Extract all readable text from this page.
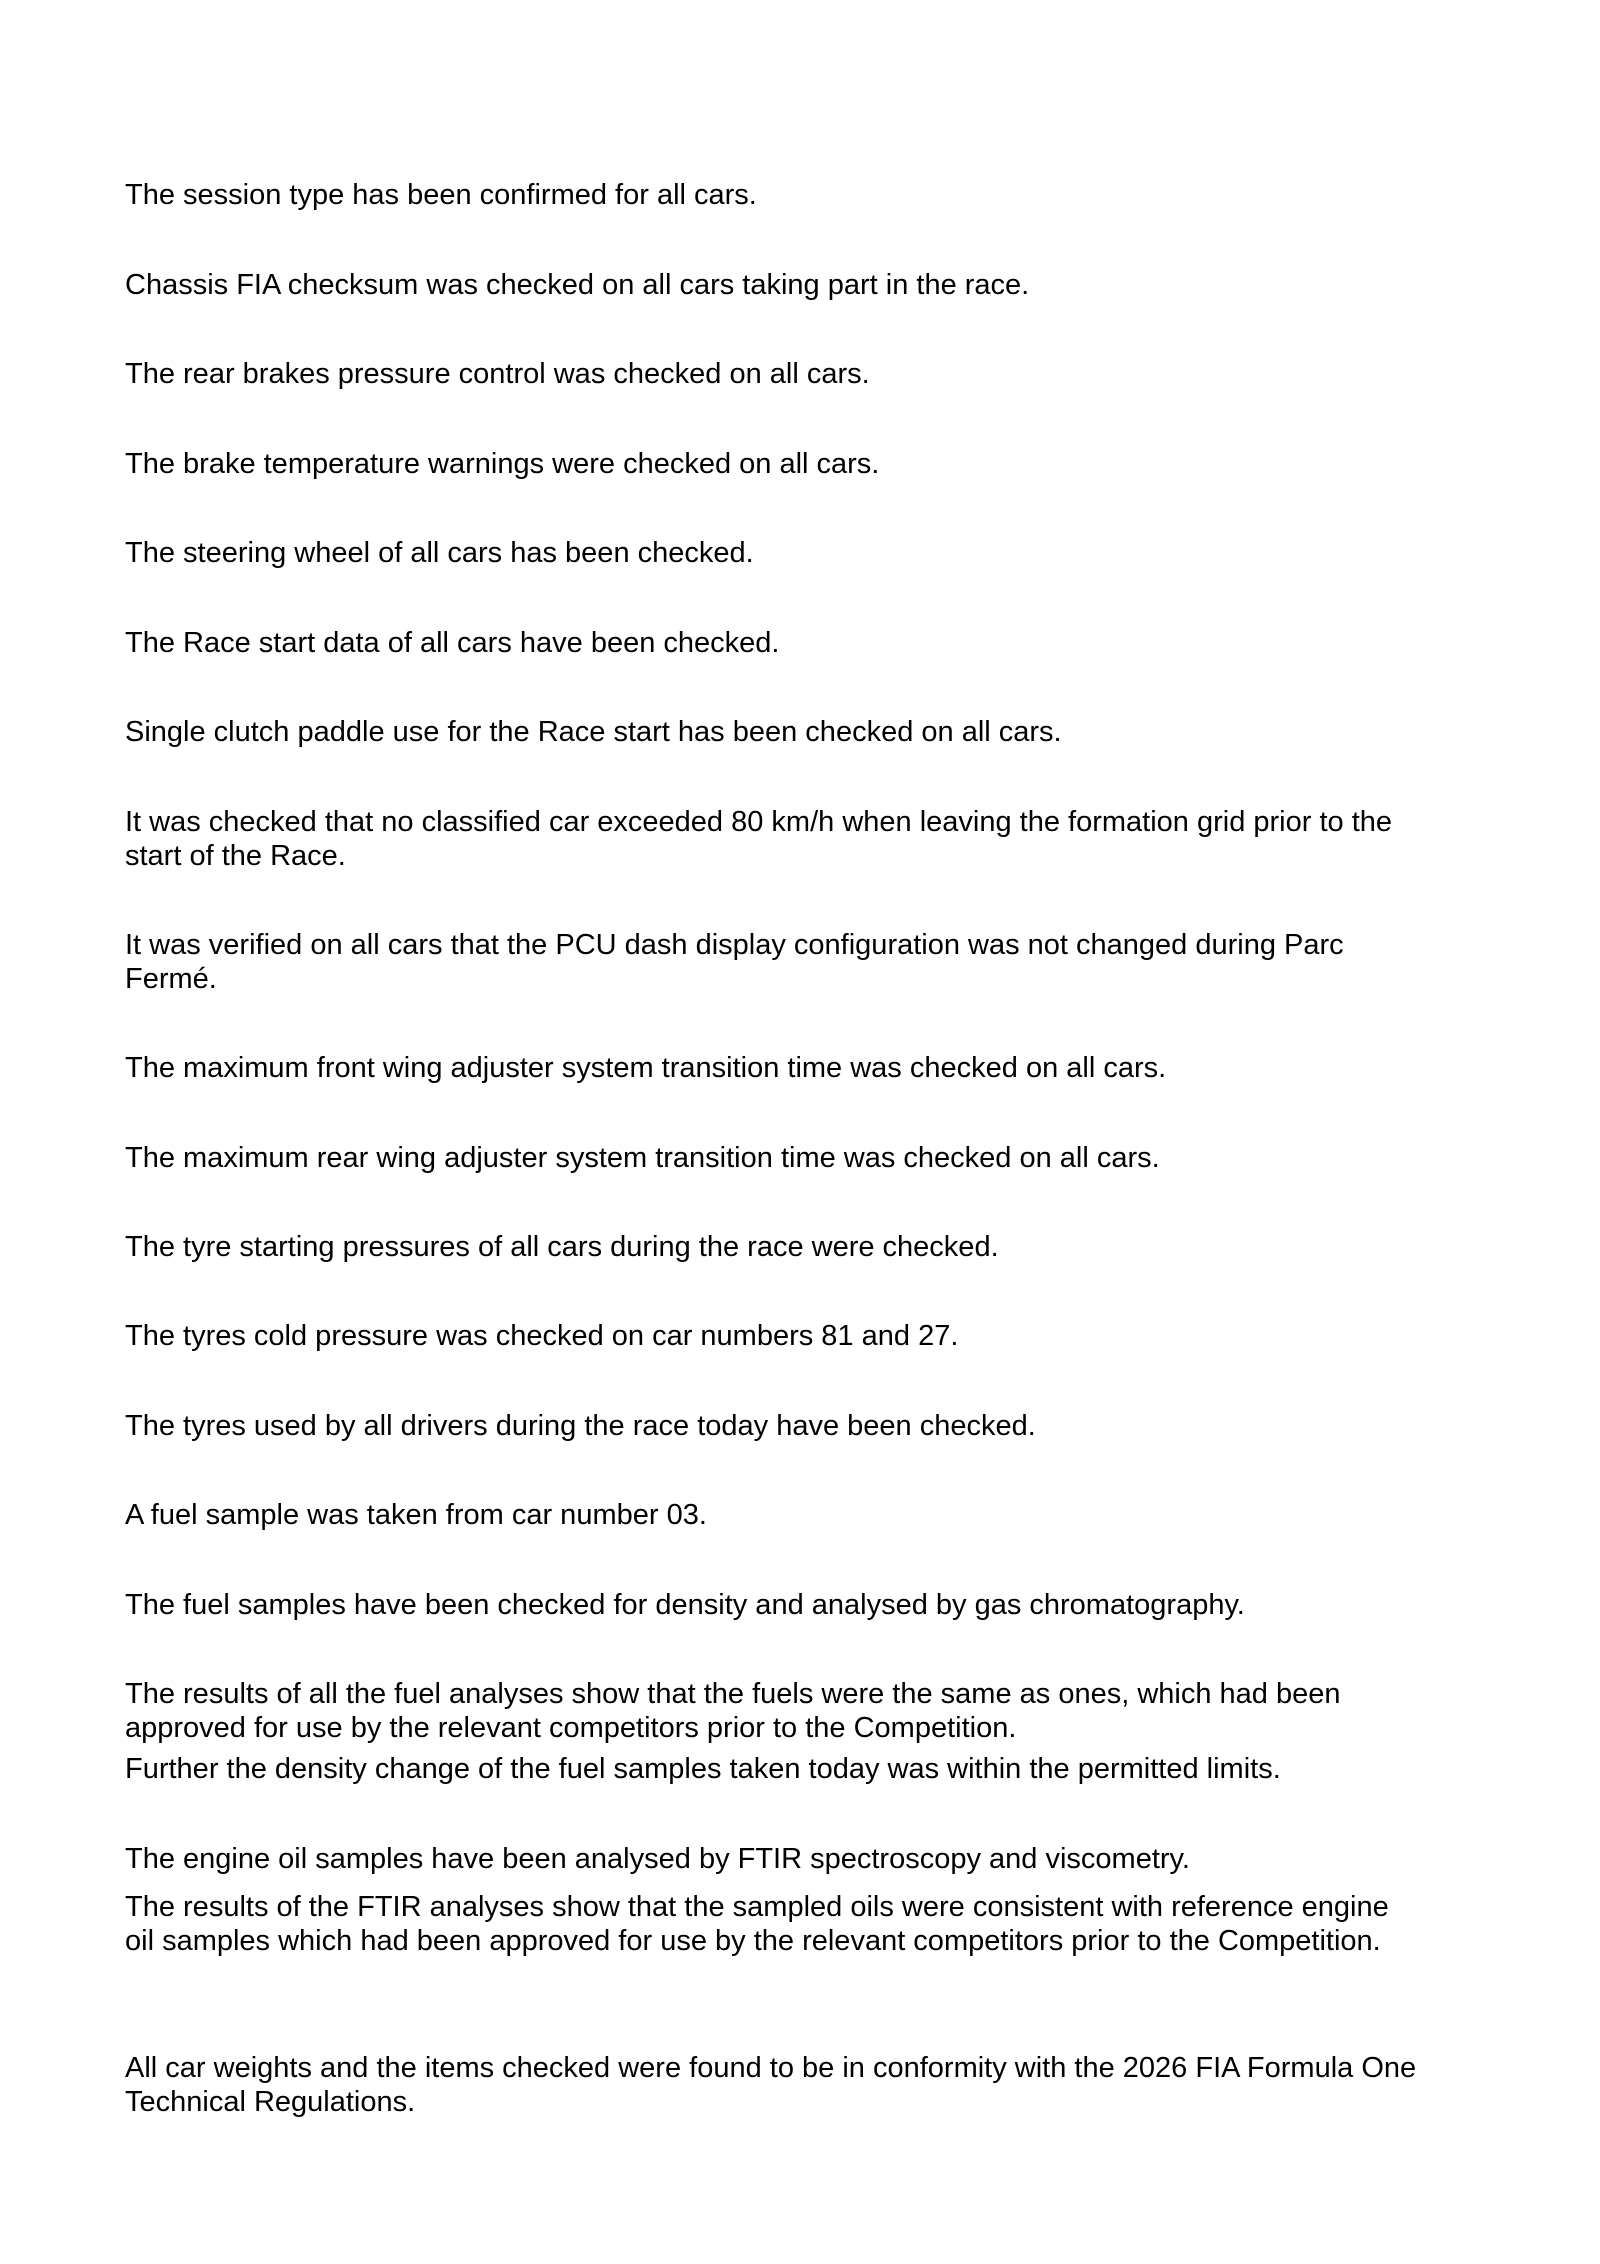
The session type has been confirmed for all cars.

Chassis FIA checksum was checked on all cars taking part in the race.

The rear brakes pressure control was checked on all cars.

The brake temperature warnings were checked on all cars.

The steering wheel of all cars has been checked.

The Race start data of all cars have been checked.

Single clutch paddle use for the Race start has been checked on all cars.

It was checked that no classified car exceeded 80 km/h when leaving the formation grid prior to the
start of the Race.

It was verified on all cars that the PCU dash display configuration was not changed during Parc
Fermé.

The maximum front wing adjuster system transition time was checked on all cars.

The maximum rear wing adjuster system transition time was checked on all cars.

The tyre starting pressures of all cars during the race were checked.

The tyres cold pressure was checked on car numbers 81 and 27.

The tyres used by all drivers during the race today have been checked.

A fuel sample was taken from car number 03.

The fuel samples have been checked for density and analysed by gas chromatography.

The results of all the fuel analyses show that the fuels were the same as ones, which had been
approved for use by the relevant competitors prior to the Competition.

Further the density change of the fuel samples taken today was within the permitted limits.

The engine oil samples have been analysed by FTIR spectroscopy and viscometry.

The results of the FTIR analyses show that the sampled oils were consistent with reference engine
oil samples which had been approved for use by the relevant competitors prior to the Competition.

All car weights and the items checked were found to be in conformity with the 2026 FIA Formula One
Technical Regulations.
